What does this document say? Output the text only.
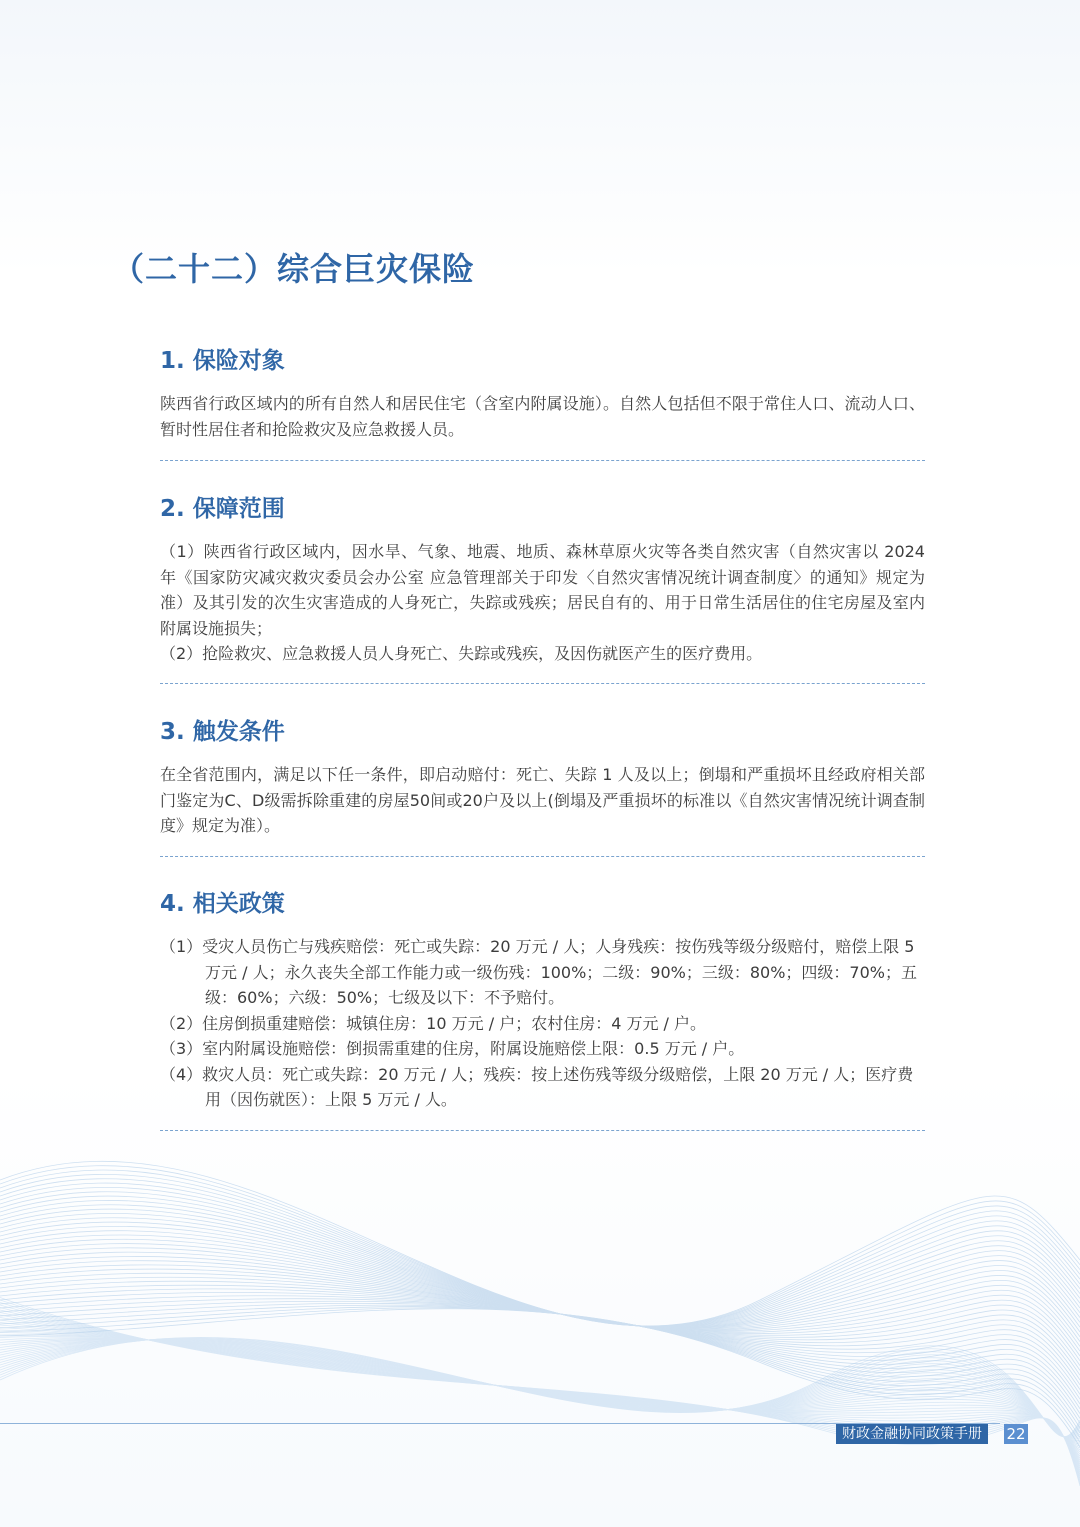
（二十二）综合巨灾保险
1. 保险对象

陕西省行政区域内的所有自然人和居民住宅（含室内附属设施）。自然人包括但不限于常住人口、流动人口、暂时性居住者和抢险救灾及应急救援人员。

2. 保障范围

（1）陕西省行政区域内，因水旱、气象、地震、地质、森林草原火灾等各类自然灾害（自然灾害以 2024 年《国家防灾减灾救灾委员会办公室 应急管理部关于印发〈自然灾害情况统计调查制度〉的通知》规定为准）及其引发的次生灾害造成的人身死亡，失踪或残疾；居民自有的、用于日常生活居住的住宅房屋及室内附属设施损失；

（2）抢险救灾、应急救援人员人身死亡、失踪或残疾，及因伤就医产生的医疗费用。

3. 触发条件

在全省范围内，满足以下任一条件，即启动赔付：死亡、失踪 1 人及以上；倒塌和严重损坏且经政府相关部门鉴定为C、D级需拆除重建的房屋50间或20户及以上(倒塌及严重损坏的标准以《自然灾害情况统计调查制度》规定为准）。

4. 相关政策
（1）受灾人员伤亡与残疾赔偿：死亡或失踪：20 万元 / 人；人身残疾：按伤残等级分级赔付，赔偿上限 5 万元 / 人；永久丧失全部工作能力或一级伤残：100%；二级：90%；三级：80%；四级：70%；五级：60%；六级：50%；七级及以下：不予赔付。
（2）住房倒损重建赔偿：城镇住房：10 万元 / 户；农村住房：4 万元 / 户。
（3）室内附属设施赔偿：倒损需重建的住房，附属设施赔偿上限：0.5 万元 / 户。
（4）救灾人员：死亡或失踪：20 万元 / 人；残疾：按上述伤残等级分级赔偿，上限 20 万元 / 人；医疗费用（因伤就医）：上限 5 万元 / 人。
财政金融协同政策手册	22
